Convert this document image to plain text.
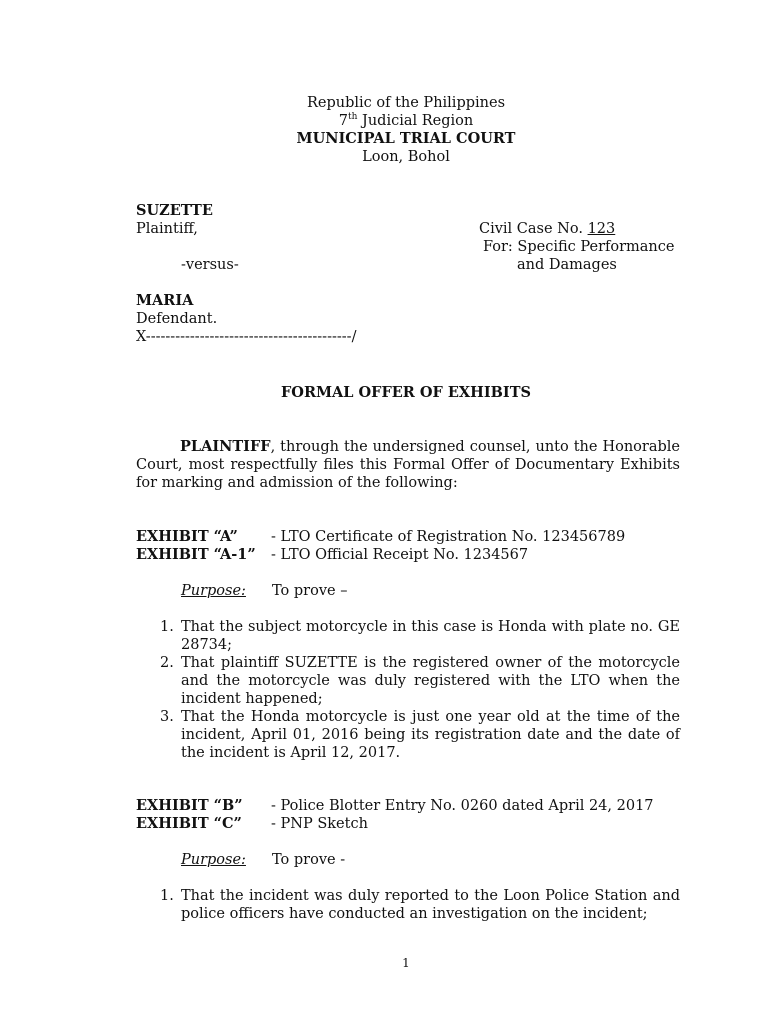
Republic of the Philippines
7th Judicial Region
MUNICIPAL TRIAL COURT
Loon, Bohol
SUZETTE
Plaintiff,
-versus-
MARIA
Defendant.
X------------------------------------------/
Civil Case No. 123
For: Specific Performance
and Damages
FORMAL OFFER OF EXHIBITS
PLAINTIFF, through the undersigned counsel, unto the Honorable Court, most respectfully files this Formal Offer of Documentary Exhibits for marking and admission of the following:
EXHIBIT “A” - LTO Certificate of Registration No. 123456789
EXHIBIT “A-1” - LTO Official Receipt No. 1234567
Purpose: To prove –
1. That the subject motorcycle in this case is Honda with plate no. GE 28734;
2. That plaintiff SUZETTE is the registered owner of the motorcycle and the motorcycle was duly registered with the LTO when the incident happened;
3. That the Honda motorcycle is just one year old at the time of the incident, April 01, 2016 being its registration date and the date of the incident is April 12, 2017.
EXHIBIT “B” - Police Blotter Entry No. 0260 dated April 24, 2017
EXHIBIT “C” - PNP Sketch
Purpose: To prove -
1. That the incident was duly reported to the Loon Police Station and police officers have conducted an investigation on the incident;
1
